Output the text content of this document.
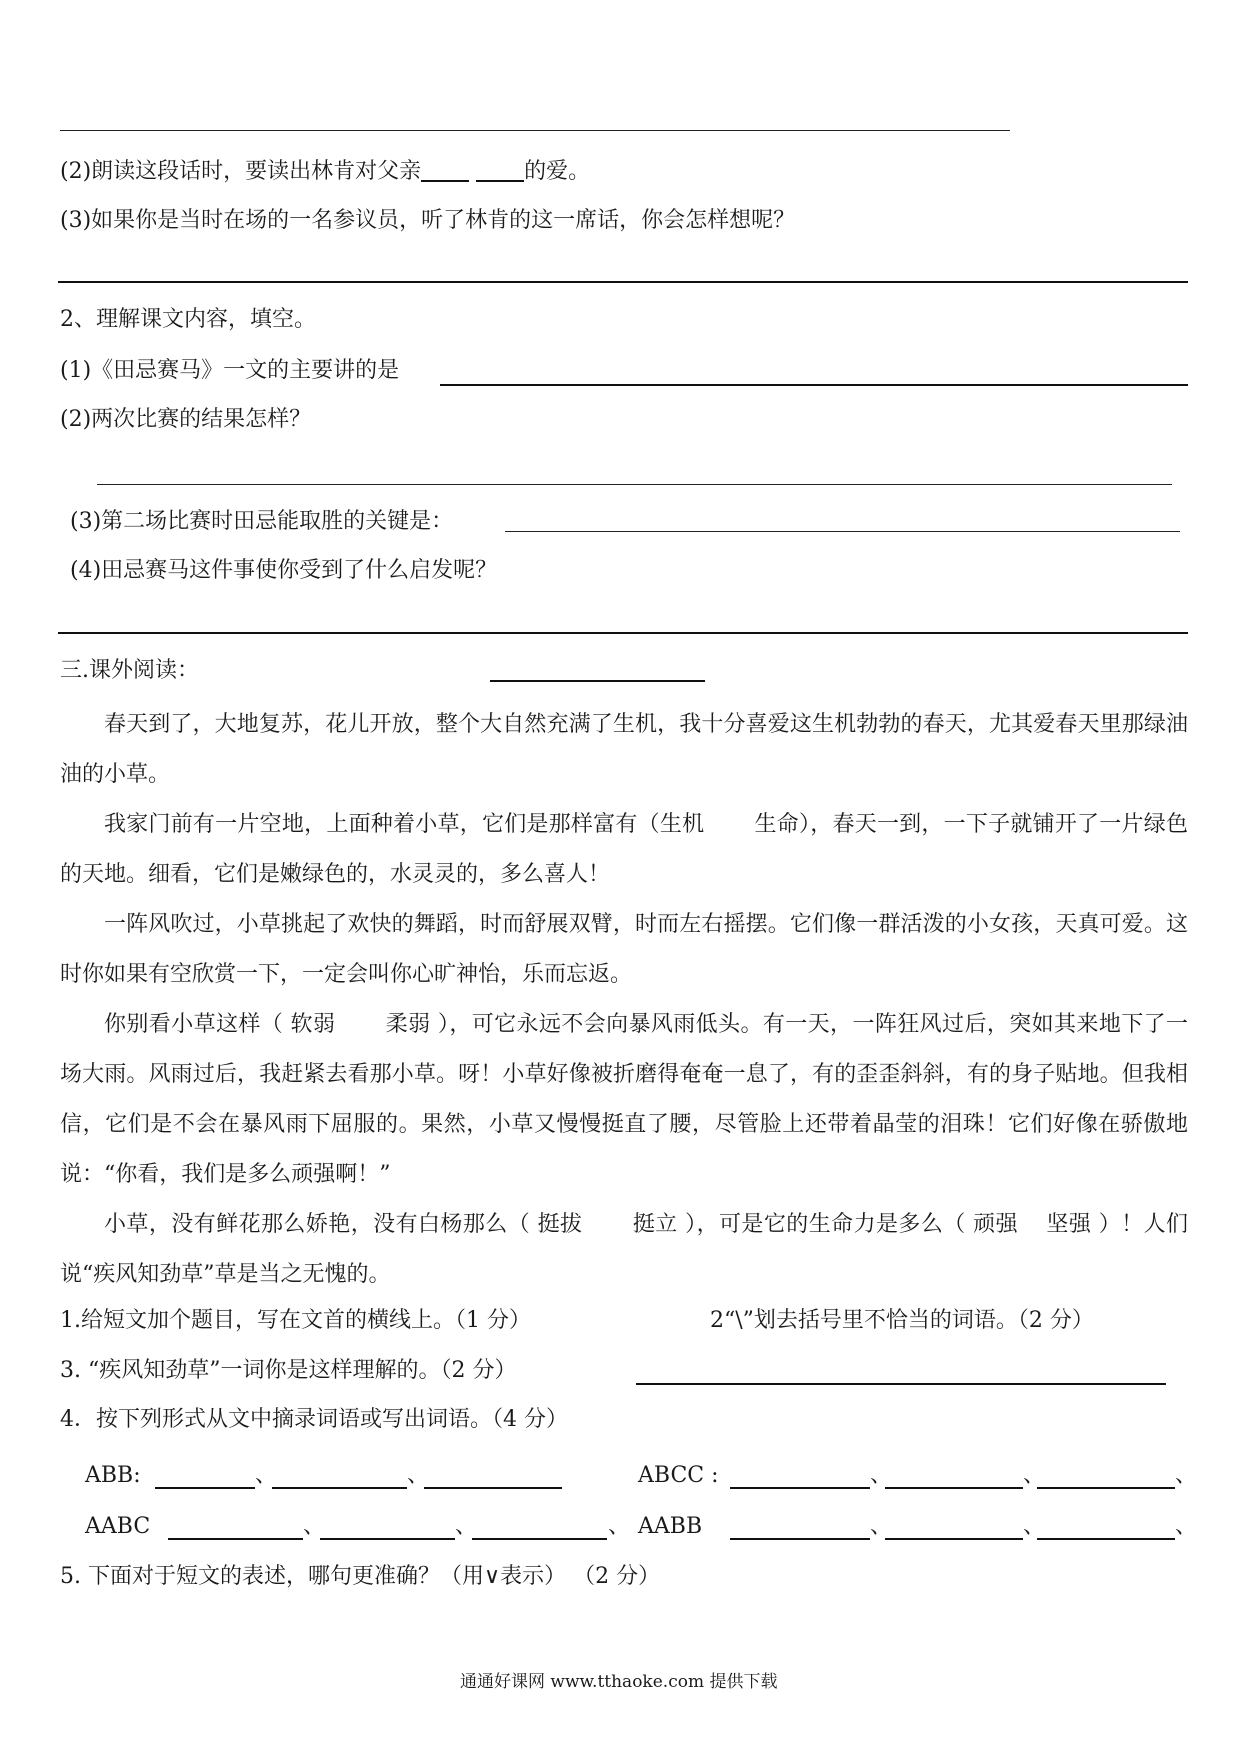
(2)朗读这段话时，要读出林肯对父亲	的爱。
(3)如果你是当时在场的一名参议员，听了林肯的这一席话，你会怎样想呢？
2、理解课文内容，填空。
(1)《田忌赛马》一文的主要讲的是
(2)两次比赛的结果怎样？
(3)第二场比赛时田忌能取胜的关键是：
(4)田忌赛马这件事使你受到了什么启发呢？
三.课外阅读：

春天到了，大地复苏，花儿开放，整个大自然充满了生机，我十分喜爱这生机勃勃的春天，尤其爱春天里那绿油油的小草。

我家门前有一片空地，上面种着小草，它们是那样富有（生机 生命），春天一到，一下子就铺开了一片绿色的天地。细看，它们是嫩绿色的，水灵灵的，多么喜人！

一阵风吹过，小草挑起了欢快的舞蹈，时而舒展双臂，时而左右摇摆。它们像一群活泼的小女孩，天真可爱。这时你如果有空欣赏一下，一定会叫你心旷神怡，乐而忘返。

你别看小草这样（ 软弱 柔弱 ），可它永远不会向暴风雨低头。有一天，一阵狂风过后，突如其来地下了一场大雨。风雨过后，我赶紧去看那小草。呀！小草好像被折磨得奄奄一息了，有的歪歪斜斜，有的身子贴地。但我相信，它们是不会在暴风雨下屈服的。果然，小草又慢慢挺直了腰，尽管脸上还带着晶莹的泪珠！它们好像在骄傲地说：“你看，我们是多么顽强啊！”

小草，没有鲜花那么娇艳，没有白杨那么（ 挺拔 挺立 ），可是它的生命力是多么（ 顽强 坚强 ）！人们说“疾风知劲草”草是当之无愧的。

1.给短文加个题目，写在文首的横线上。（1 分）	2“\”划去括号里不恰当的词语。（2 分）
3. “疾风知劲草”一词你是这样理解的。（2 分）
4．按下列形式从文中摘录词语或写出词语。（4 分）
ABB:	、	、	ABCC :	、	、	、
AABC	、	、	、 AABB	、	、	、
5. 下面对于短文的表述，哪句更准确？（用∨表示） （2 分）
通通好课网 www.tthaoke.com 提供下载
